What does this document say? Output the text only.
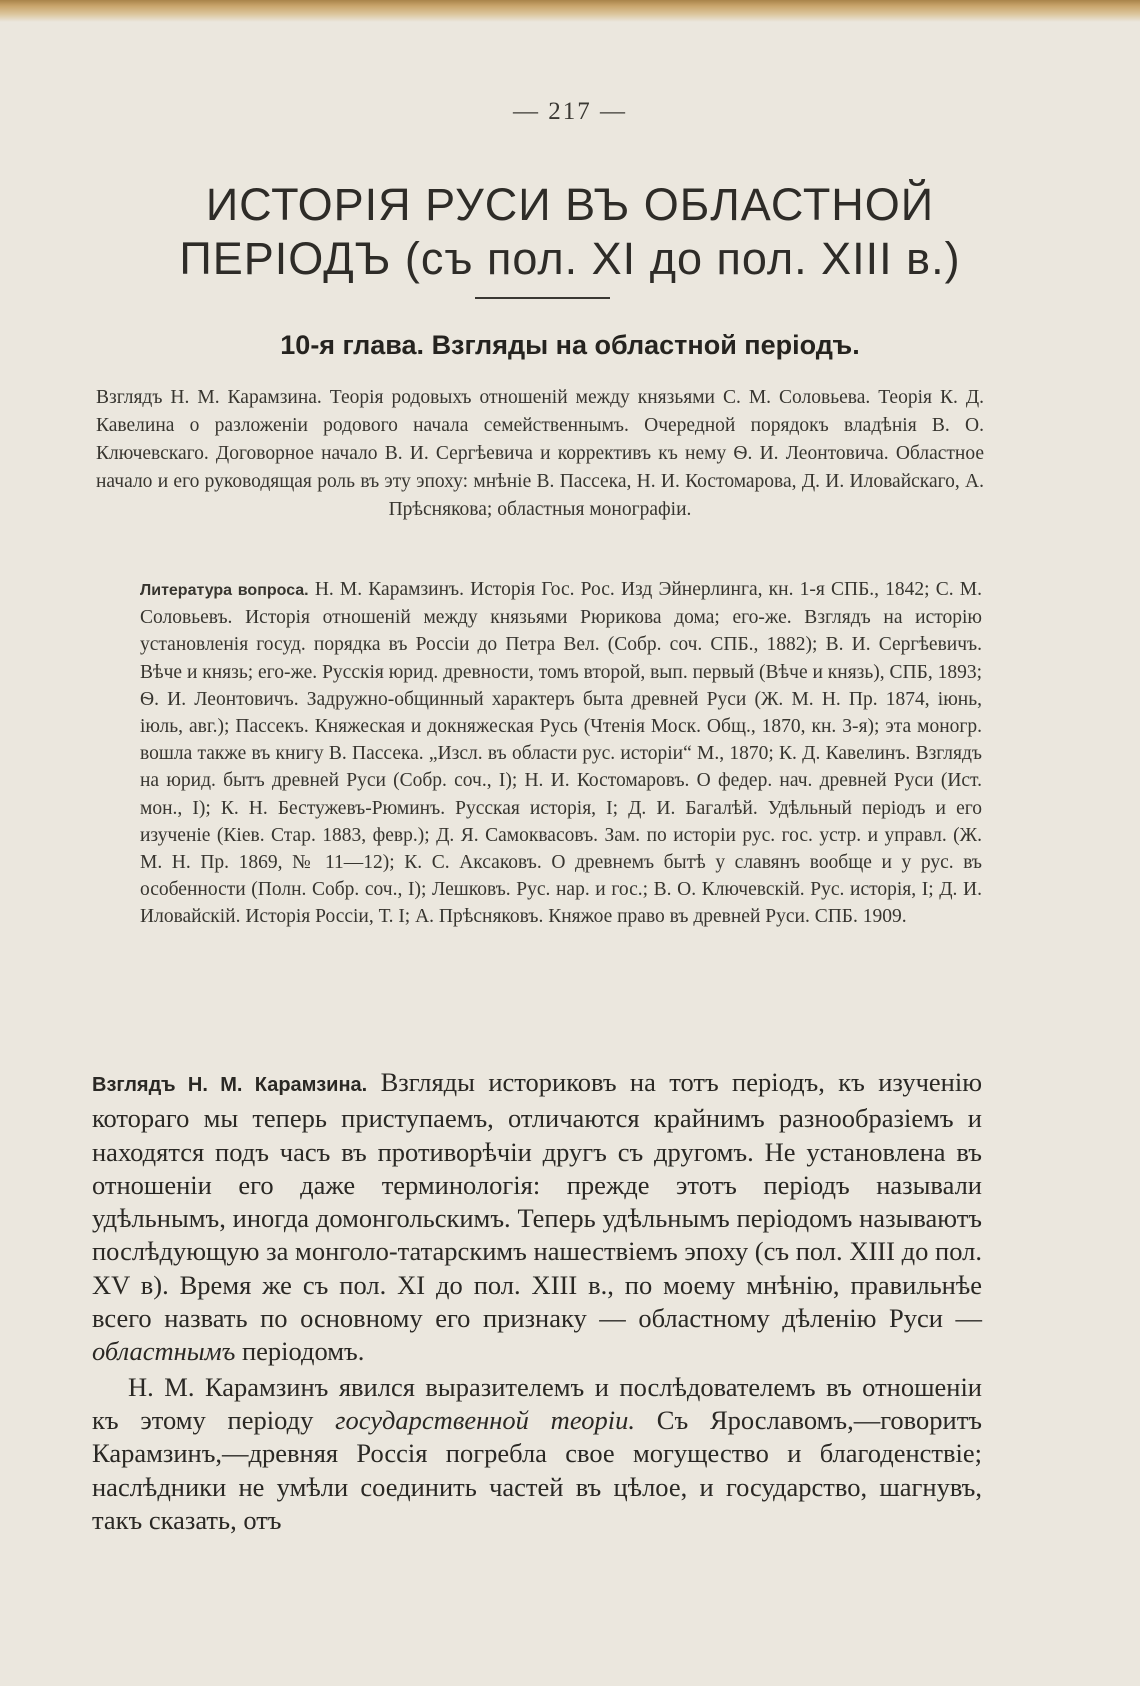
— 217 —
ИСТОРІЯ РУСИ ВЪ ОБЛАСТНОЙ ПЕРІОДЪ (съ пол. XI до пол. XIII в.)
10-я глава. Взгляды на областной періодъ.
Взглядъ Н. М. Карамзина. Теорія родовыхъ отношеній между князьями С. М. Соловьева. Теорія К. Д. Кавелина о разложеніи родового начала семейственнымъ. Очередной порядокъ владѣнія В. О. Ключевскаго. Договорное начало В. И. Сергѣевича и коррективъ къ нему Ѳ. И. Леонтовича. Областное начало и его руководящая роль въ эту эпоху: мнѣніе В. Пассека, Н. И. Костомарова, Д. И. Иловайскаго, А. Прѣснякова; областныя монографіи.
Литература вопроса. Н. М. Карамзинъ. Исторія Гос. Рос. Изд Эйнерлинга, кн. 1-я СПБ., 1842; С. М. Соловьевъ. Исторія отношеній между князьями Рюрикова дома; его-же. Взглядъ на исторію установленія госуд. порядка въ Россіи до Петра Вел. (Собр. соч. СПБ., 1882); В. И. Сергѣевичъ. Вѣче и князь; его-же. Русскія юрид. древности, томъ второй, вып. первый (Вѣче и князь), СПБ, 1893; Ѳ. И. Леонтовичъ. Задружно-общинный характеръ быта древней Руси (Ж. М. Н. Пр. 1874, іюнь, іюль, авг.); Пассекъ. Княжеская и докняжеская Русь (Чтенія Моск. Общ., 1870, кн. 3-я); эта моногр. вошла также въ книгу В. Пассека. „Изсл. въ области рус. исторіи“ М., 1870; К. Д. Кавелинъ. Взглядъ на юрид. бытъ древней Руси (Собр. соч., I); Н. И. Костомаровъ. О федер. нач. древней Руси (Ист. мон., I); К. Н. Бестужевъ-Рюминъ. Русская исторія, I; Д. И. Багалѣй. Удѣльный періодъ и его изученіе (Кіев. Стар. 1883, февр.); Д. Я. Самоквасовъ. Зам. по исторіи рус. гос. устр. и управл. (Ж. М. Н. Пр. 1869, № 11—12); К. С. Аксаковъ. О древнемъ бытѣ у славянъ вообще и у рус. въ особенности (Полн. Собр. соч., I); Лешковъ. Рус. нар. и гос.; В. О. Ключевскій. Рус. исторія, I; Д. И. Иловайскій. Исторія Россіи, Т. I; А. Прѣсняковъ. Княжое право въ древней Руси. СПБ. 1909.

Взглядъ Н. М. Карамзина. Взгляды историковъ на тотъ періодъ, къ изученію котораго мы теперь приступаемъ, отличаются крайнимъ разнообразіемъ и находятся подъ часъ въ противорѣчіи другъ съ другомъ. Не установлена въ отношеніи его даже терминологія: прежде этотъ періодъ называли удѣльнымъ, иногда домонгольскимъ. Теперь удѣльнымъ періодомъ называютъ послѣдующую за монголо-татарскимъ нашествіемъ эпоху (съ пол. XIII до пол. XV в). Время же съ пол. XI до пол. XIII в., по моему мнѣнію, правильнѣе всего назвать по основному его признаку — областному дѣленію Руси — областнымъ періодомъ.

Н. М. Карамзинъ явился выразителемъ и послѣдователемъ въ отношеніи къ этому періоду государственной теоріи. Съ Ярославомъ,—говоритъ Карамзинъ,—древняя Россія погребла свое могущество и благоденствіе; наслѣдники не умѣли соединить частей въ цѣлое, и государство, шагнувъ, такъ сказать, отъ
